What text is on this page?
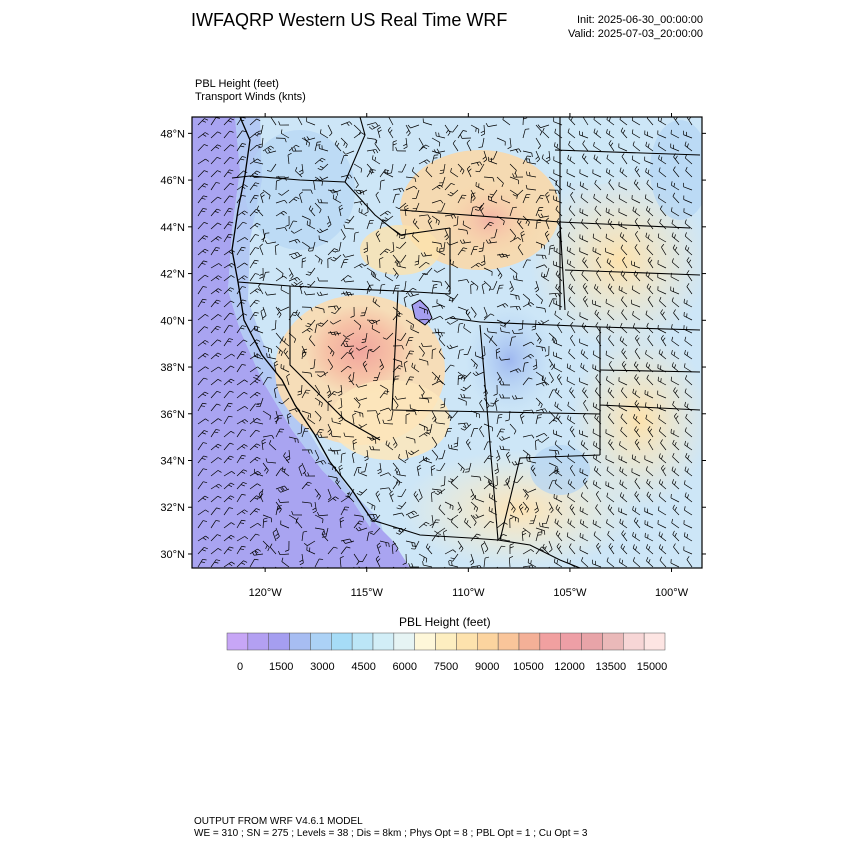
IWFAQRP Western US Real Time WRF	Init: 2025-06-30_00:00:00
Valid: 2025-07-03_20:00:00
PBL Height (feet)
Transport Winds (knts)
48°N
46°N
44°N
42°N
40°N
38°N
36°N
34°N
32°N
30°N
120°W	115°W	110°W	105°W	100°W
0 1500 3000 4500 6000 7500 9000 10500 12000 13500 15000
PBL Height (feet)
OUTPUT FROM WRF V4.6.1 MODEL
WE = 310 ; SN = 275 ; Levels = 38 ; Dis = 8km ; Phys Opt = 8 ; PBL Opt = 1 ; Cu Opt = 3
